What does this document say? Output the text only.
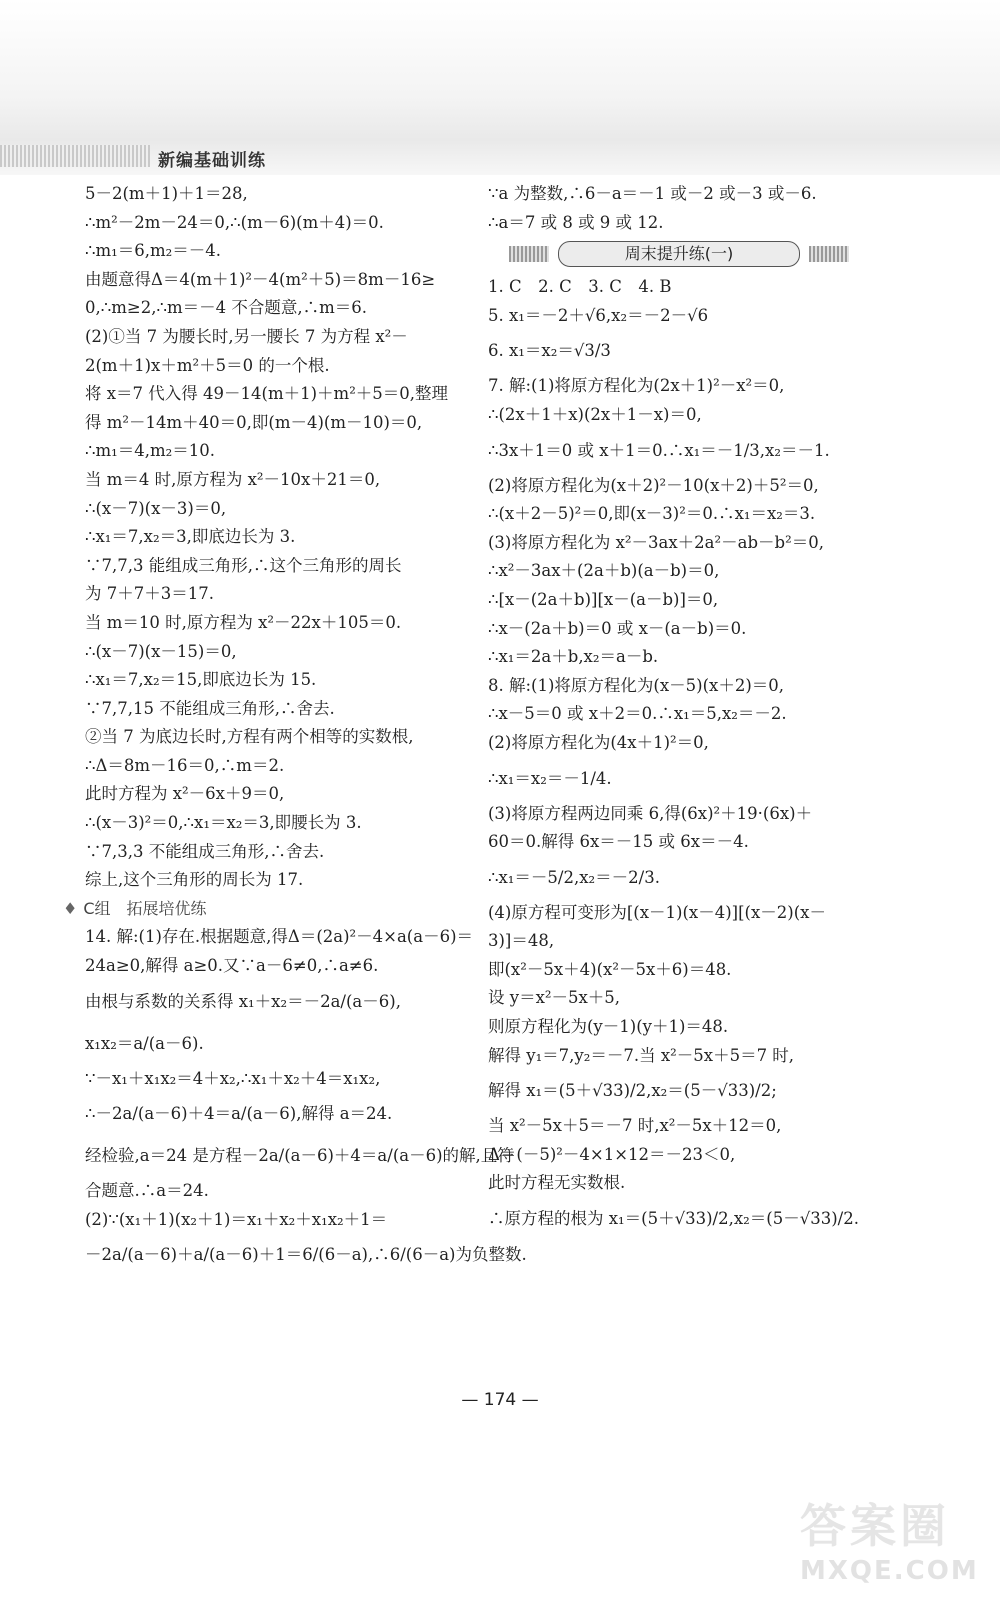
新编基础训练
5－2(m＋1)＋1＝28,
∴m²－2m－24＝0,∴(m－6)(m＋4)＝0.
∴m₁＝6,m₂＝－4.
由题意得Δ＝4(m＋1)²－4(m²＋5)＝8m－16≥
0,∴m≥2,∴m＝－4 不合题意,∴m＝6.
(2)①当 7 为腰长时,另一腰长 7 为方程 x²－
2(m＋1)x＋m²＋5＝0 的一个根.
将 x＝7 代入得 49－14(m＋1)＋m²＋5＝0,整理
得 m²－14m＋40＝0,即(m－4)(m－10)＝0,
∴m₁＝4,m₂＝10.
当 m＝4 时,原方程为 x²－10x＋21＝0,
∴(x－7)(x－3)＝0,
∴x₁＝7,x₂＝3,即底边长为 3.
∵7,7,3 能组成三角形,∴这个三角形的周长
为 7＋7＋3＝17.
当 m＝10 时,原方程为 x²－22x＋105＝0.
∴(x－7)(x－15)＝0,
∴x₁＝7,x₂＝15,即底边长为 15.
∵7,7,15 不能组成三角形,∴舍去.
②当 7 为底边长时,方程有两个相等的实数根,
∴Δ＝8m－16＝0,∴m＝2.
此时方程为 x²－6x＋9＝0,
∴(x－3)²＝0,∴x₁＝x₂＝3,即腰长为 3.
∵7,3,3 不能组成三角形,∴舍去.
综上,这个三角形的周长为 17.
♦ C组　拓展培优练
14. 解:(1)存在.根据题意,得Δ＝(2a)²－4×a(a－6)＝
24a≥0,解得 a≥0.又∵a－6≠0,∴a≠6.
由根与系数的关系得 x₁＋x₂＝－2a/(a－6),
x₁x₂＝a/(a－6).
∵－x₁＋x₁x₂＝4＋x₂,∴x₁＋x₂＋4＝x₁x₂,
∴－2a/(a－6)＋4＝a/(a－6),解得 a＝24.
经检验,a＝24 是方程－2a/(a－6)＋4＝a/(a－6)的解,且符
合题意.∴a＝24.
(2)∵(x₁＋1)(x₂＋1)＝x₁＋x₂＋x₁x₂＋1＝
－2a/(a－6)＋a/(a－6)＋1＝6/(6－a),∴6/(6－a)为负整数.
∵a 为整数,∴6－a＝－1 或－2 或－3 或－6.
∴a＝7 或 8 或 9 或 12.
周末提升练(一)
1. C　2. C　3. C　4. B
5. x₁＝－2＋√6,x₂＝－2－√6
6. x₁＝x₂＝√3/3
7. 解:(1)将原方程化为(2x＋1)²－x²＝0,
∴(2x＋1＋x)(2x＋1－x)＝0,
∴3x＋1＝0 或 x＋1＝0.∴x₁＝－1/3,x₂＝－1.
(2)将原方程化为(x＋2)²－10(x＋2)＋5²＝0,
∴(x＋2－5)²＝0,即(x－3)²＝0.∴x₁＝x₂＝3.
(3)将原方程化为 x²－3ax＋2a²－ab－b²＝0,
∴x²－3ax＋(2a＋b)(a－b)＝0,
∴[x－(2a＋b)][x－(a－b)]＝0,
∴x－(2a＋b)＝0 或 x－(a－b)＝0.
∴x₁＝2a＋b,x₂＝a－b.
8. 解:(1)将原方程化为(x－5)(x＋2)＝0,
∴x－5＝0 或 x＋2＝0.∴x₁＝5,x₂＝－2.
(2)将原方程化为(4x＋1)²＝0,
∴x₁＝x₂＝－1/4.
(3)将原方程两边同乘 6,得(6x)²＋19·(6x)＋
60＝0.解得 6x＝－15 或 6x＝－4.
∴x₁＝－5/2,x₂＝－2/3.
(4)原方程可变形为[(x－1)(x－4)][(x－2)(x－
3)]＝48,
即(x²－5x＋4)(x²－5x＋6)＝48.
设 y＝x²－5x＋5,
则原方程化为(y－1)(y＋1)＝48.
解得 y₁＝7,y₂＝－7.当 x²－5x＋5＝7 时,
解得 x₁＝(5＋√33)/2,x₂＝(5－√33)/2;
当 x²－5x＋5＝－7 时,x²－5x＋12＝0,
Δ＝(－5)²－4×1×12＝－23＜0,
此时方程无实数根.
∴原方程的根为 x₁＝(5＋√33)/2,x₂＝(5－√33)/2.
— 174 —
答案圈
MXQE.COM
